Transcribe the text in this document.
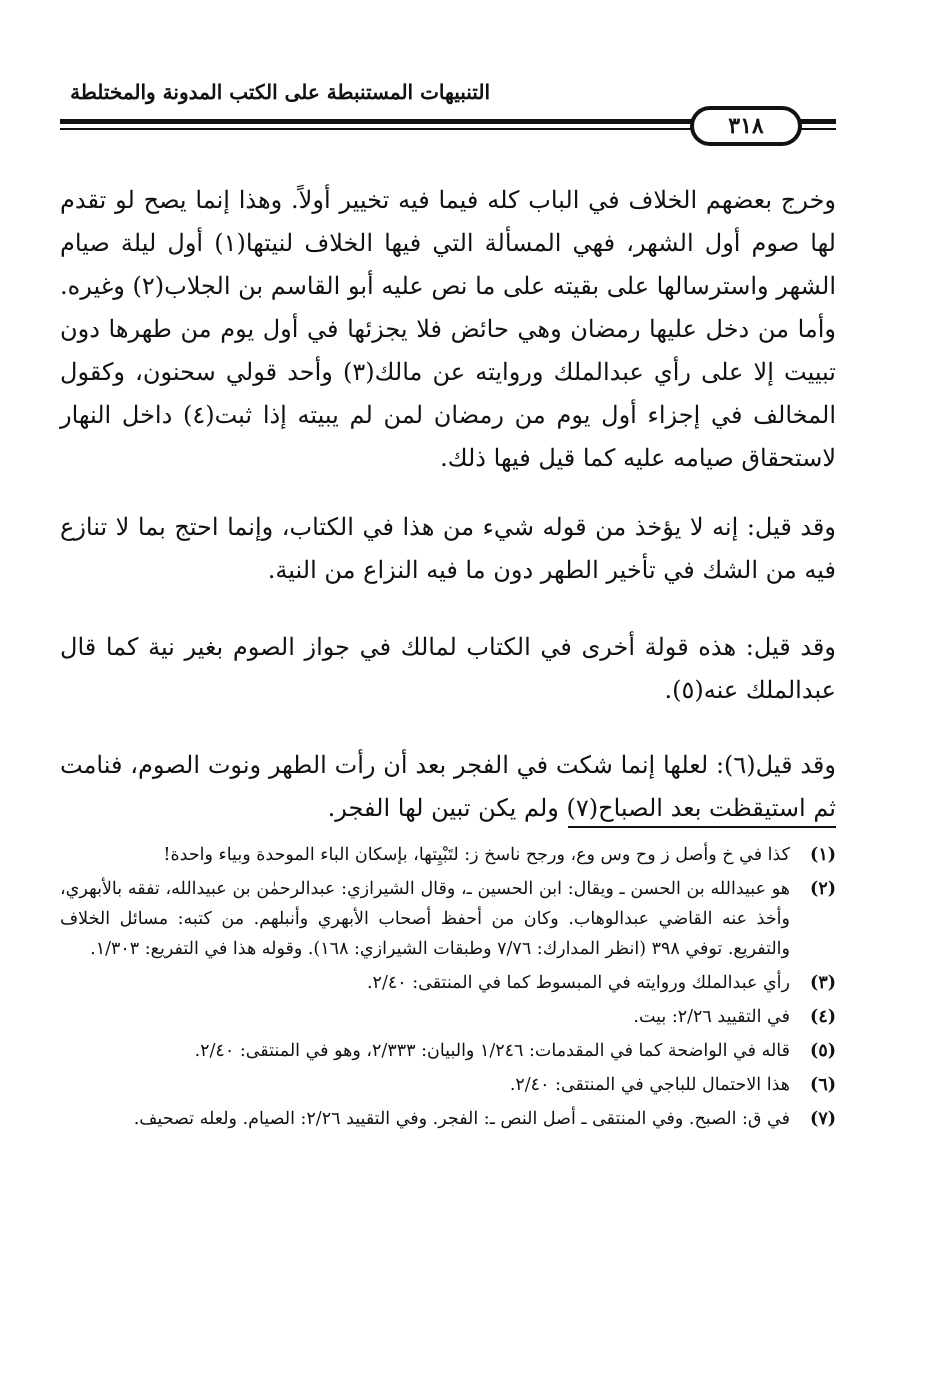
التنبيهات المستنبطة على الكتب المدونة والمختلطة
٣١٨

وخرج بعضهم الخلاف في الباب كله فيما فيه تخيير أولاً. وهذا إنما يصح لو تقدم لها صوم أول الشهر، فهي المسألة التي فيها الخلاف لنيتها(١) أول ليلة صيام الشهر واسترسالها على بقيته على ما نص عليه أبو القاسم بن الجلاب(٢) وغيره. وأما من دخل عليها رمضان وهي حائض فلا يجزئها في أول يوم من طهرها دون تبييت إلا على رأي عبدالملك وروايته عن مالك(٣) وأحد قولي سحنون، وكقول المخالف في إجزاء أول يوم من رمضان لمن لم يبيته إذا ثبت(٤) داخل النهار لاستحقاق صيامه عليه كما قيل فيها ذلك.

وقد قيل: إنه لا يؤخذ من قوله شيء من هذا في الكتاب، وإنما احتج بما لا تنازع فيه من الشك في تأخير الطهر دون ما فيه النزاع من النية.

وقد قيل: هذه قولة أخرى في الكتاب لمالك في جواز الصوم بغير نية كما قال عبدالملك عنه(٥).

وقد قيل(٦): لعلها إنما شكت في الفجر بعد أن رأت الطهر ونوت الصوم، فنامت ثم استيقظت بعد الصباح(٧) ولم يكن تبين لها الفجر.

(١)
كذا في خ وأصل ز وح وس وع، ورجح ناسخ ز: لتَبْيِتها، بإسكان الباء الموحدة وبياء واحدة!
(٢)
هو عبيدالله بن الحسن ـ ويقال: ابن الحسين ـ، وقال الشيرازي: عبدالرحمٰن بن عبيدالله، تفقه بالأبهري، وأخذ عنه القاضي عبدالوهاب. وكان من أحفظ أصحاب الأبهري وأنبلهم. من كتبه: مسائل الخلاف والتفريع. توفي ٣٩٨ (انظر المدارك: ٧/٧٦ وطبقات الشيرازي: ١٦٨). وقوله هذا في التفريع: ١/٣٠٣.
(٣)
رأي عبدالملك وروايته في المبسوط كما في المنتقى: ٢/٤٠.
(٤)
في التقييد ٢/٢٦: بيت.
(٥)
قاله في الواضحة كما في المقدمات: ١/٢٤٦ والبيان: ٢/٣٣٣، وهو في المنتقى: ٢/٤٠.
(٦)
هذا الاحتمال للباجي في المنتقى: ٢/٤٠.
(٧)
في ق: الصبح. وفي المنتقى ـ أصل النص ـ: الفجر. وفي التقييد ٢/٢٦: الصيام. ولعله تصحيف.
